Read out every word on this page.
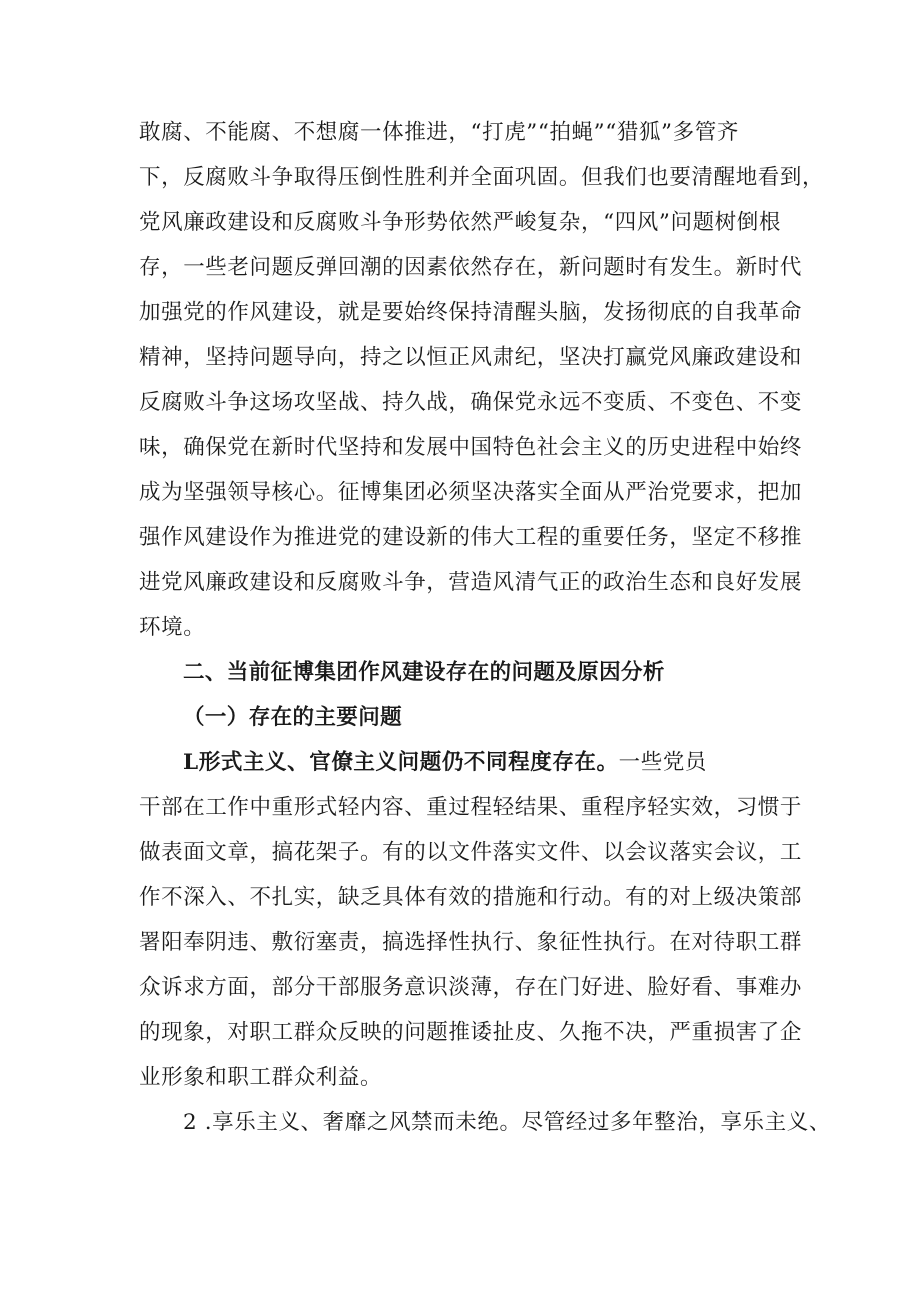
敢腐、不能腐、不想腐一体推进，“打虎”“拍蝇”“猎狐”多管齐
下，反腐败斗争取得压倒性胜利并全面巩固。但我们也要清醒地看到，
党风廉政建设和反腐败斗争形势依然严峻复杂，“四风”问题树倒根
存，一些老问题反弹回潮的因素依然存在，新问题时有发生。新时代
加强党的作风建设，就是要始终保持清醒头脑，发扬彻底的自我革命
精神，坚持问题导向，持之以恒正风肃纪，坚决打赢党风廉政建设和
反腐败斗争这场攻坚战、持久战，确保党永远不变质、不变色、不变
味，确保党在新时代坚持和发展中国特色社会主义的历史进程中始终
成为坚强领导核心。征博集团必须坚决落实全面从严治党要求，把加
强作风建设作为推进党的建设新的伟大工程的重要任务，坚定不移推
进党风廉政建设和反腐败斗争，营造风清气正的政治生态和良好发展
环境。
二、当前征博集团作风建设存在的问题及原因分析
（一）存在的主要问题
L形式主义、官僚主义问题仍不同程度存在。一些党员
干部在工作中重形式轻内容、重过程轻结果、重程序轻实效，习惯于
做表面文章，搞花架子。有的以文件落实文件、以会议落实会议，工
作不深入、不扎实，缺乏具体有效的措施和行动。有的对上级决策部
署阳奉阴违、敷衍塞责，搞选择性执行、象征性执行。在对待职工群
众诉求方面，部分干部服务意识淡薄，存在门好进、脸好看、事难办
的现象，对职工群众反映的问题推诿扯皮、久拖不决，严重损害了企
业形象和职工群众利益。
2 .享乐主义、奢靡之风禁而未绝。尽管经过多年整治，享乐主义、
